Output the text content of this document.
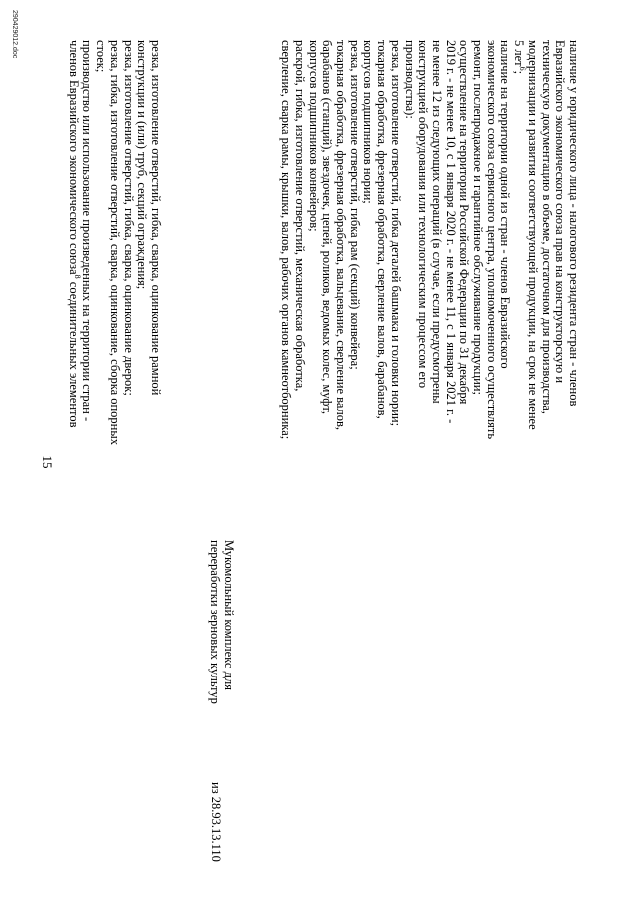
15
резка, изготовление отверстий, гибка, сварка, оцинкование рамной
конструкции и (или) труб, секций ограждения;
резка, изготовление отверстий, гибка, сварка, оцинкование дверок;
резка, гибка, изготовление отверстий, сварка, оцинкование, сборка опорных
стоек;
производство или использование произведенных на территории стран -
членов Евразийского экономического союза$^8$ соединительных элементов
из 28.93.13.110
Мукомольный комплекс для
переработки зерновых культур
наличие у юридического лица - налогового резидента стран - членов
Евразийского экономического союза прав на конструкторскую и
техническую документацию в объеме, достаточном для производства,
модернизации и развития соответствующей продукции, на срок не менее
5 лет$^6$;
наличие на территории одной из стран - членов Евразийского
экономического союза сервисного центра, уполномоченного осуществлять
ремонт, послепродажное и гарантийное обслуживание продукции;
осуществление на территории Российской Федерации по 31 декабря
2019 г. - не менее 10, с 1 января 2020 г. - не менее 11, с 1 января 2021 г. -
не менее 12 из следующих операций (в случае, если предусмотрены
конструкцией оборудования или технологическим процессом его
производства):
резка, изготовление отверстий, гибка деталей башмака и головки нории;
токарная обработка, фрезерная обработка, сверление валов, барабанов,
корпусов подшипников нории;
резка, изготовление отверстий, гибка рам (секций) конвейера;
токарная обработка, фрезерная обработка, вальцевание, сверление валов,
барабанов (станций), звездочек, цепей, роликов, ведомых колес, муфт,
корпусов подшипников конвейеров;
раскрой, гибка, изготовление отверстий, механическая обработка,
сверление, сварка рамы, крышки, валов, рабочих органов камнеотборника;
290429012.doc
